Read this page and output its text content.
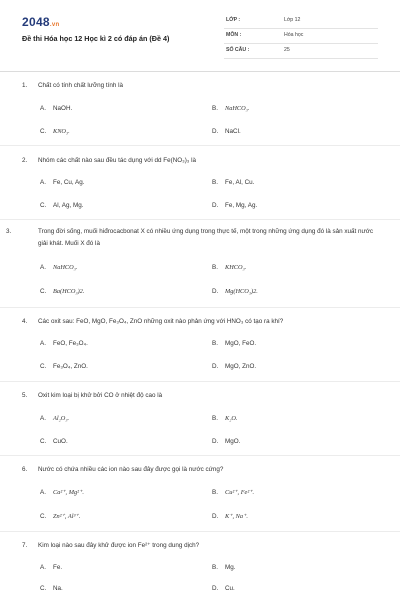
2048.vn
Đề thi Hóa học 12 Học kì 2 có đáp án (Đề 4)
LỚP :	Lớp 12
MÔN :	Hóa học
SỐ CÂU :	25
1. Chất có tính chất lưỡng tính là
A. NaOH.	B. NaHCO₃.
C. KNO₃.	D. NaCl.
2. Nhóm các chất nào sau đều tác dụng với dd Fe(NO₃)₃ là
A. Fe, Cu, Ag.	B. Fe, Al, Cu.
C. Al, Ag, Mg.	D. Fe, Mg, Ag.
3.	Trong đời sống, muối hiđrocacbonat X có nhiều ứng dụng trong thực tế, một trong những ứng dụng đó là sản xuất nước giải khát. Muối X đó là
A. NaHCO₃.	B. KHCO₃.
C. Ba(HCO₃)2.	D. Mg(HCO₃)2.
4. Các oxit sau: FeO, MgO, Fe₃O₄, ZnO những oxit nào phản ứng với HNO₃ có tạo ra khí?
A. FeO, Fe₃O₄.	B. MgO, FeO.
C. Fe₃O₄, ZnO.	D. MgO, ZnO.
5. Oxit kim loại bị khử bởi CO ở nhiệt độ cao là
A. Al₂O₃.	B. K₂O.
C. CuO.	D. MgO.
6. Nước có chứa nhiều các ion nào sau đây được gọi là nước cứng?
A. Ca²⁺, Mg²⁺.	B. Cu²⁺, Fe²⁺.
C. Zn²⁺, Al³⁺.	D. K⁺, Na⁺.
7. Kim loại nào sau đây khử được ion Fe²⁺ trong dung dịch?
A. Fe.	B. Mg.
C. Na.	D. Cu.
